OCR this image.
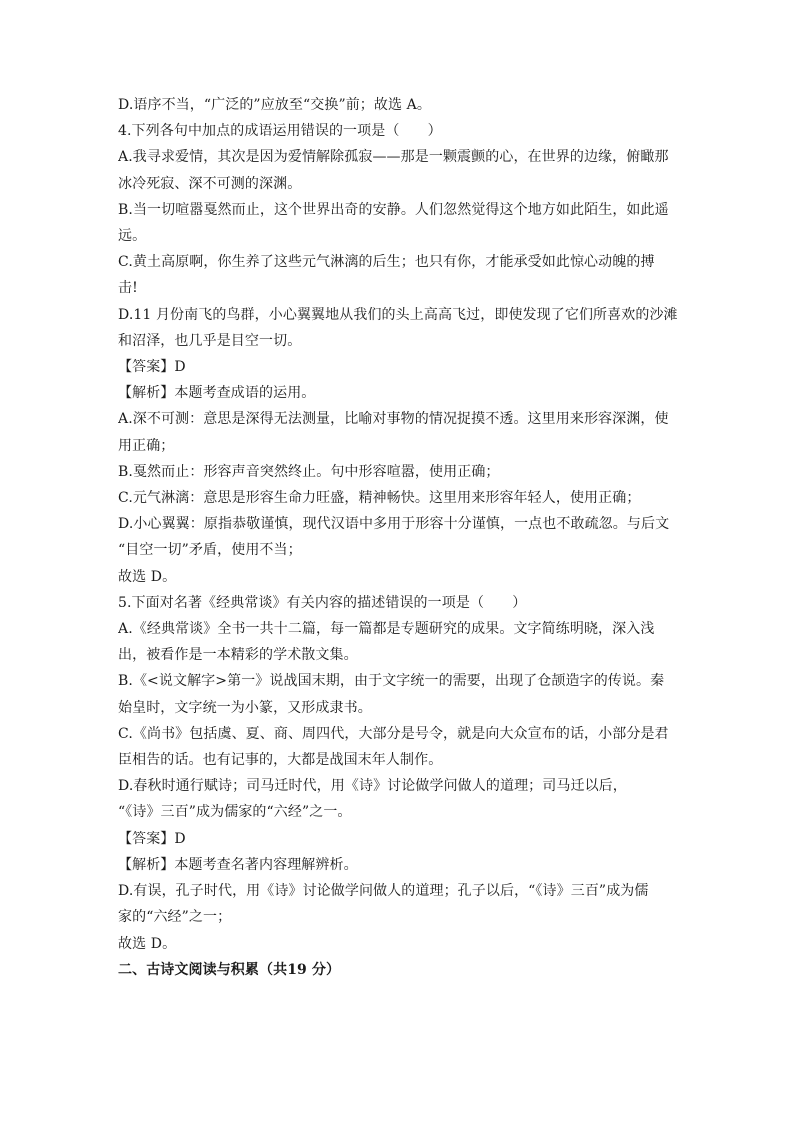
D.语序不当，“广泛的”应放至“交换”前；故选 A。
4.下列各句中加点的成语运用错误的一项是（　　）
A.我寻求爱情，其次是因为爱情解除孤寂——那是一颗震颤的心，在世界的边缘，俯瞰那
冰冷死寂、深不可测的深渊。
B.当一切喧嚣戛然而止，这个世界出奇的安静。人们忽然觉得这个地方如此陌生，如此遥
远。
C.黄土高原啊，你生养了这些元气淋漓的后生；也只有你，才能承受如此惊心动魄的搏
击!
D.11 月份南飞的鸟群，小心翼翼地从我们的头上高高飞过，即使发现了它们所喜欢的沙滩
和沼泽，也几乎是目空一切。
【答案】D
【解析】本题考查成语的运用。
A.深不可测：意思是深得无法测量，比喻对事物的情况捉摸不透。这里用来形容深渊，使
用正确；
B.戛然而止：形容声音突然终止。句中形容喧嚣，使用正确；
C.元气淋漓：意思是形容生命力旺盛，精神畅快。这里用来形容年轻人，使用正确；
D.小心翼翼：原指恭敬谨慎，现代汉语中多用于形容十分谨慎，一点也不敢疏忽。与后文
“目空一切”矛盾，使用不当；
故选 D。
5.下面对名著《经典常谈》有关内容的描述错误的一项是（　　）
A.《经典常谈》全书一共十二篇，每一篇都是专题研究的成果。文字简练明晓，深入浅
出，被看作是一本精彩的学术散文集。
B.《<说文解字>第一》说战国末期，由于文字统一的需要，出现了仓颉造字的传说。秦
始皇时，文字统一为小篆，又形成隶书。
C.《尚书》包括虞、夏、商、周四代，大部分是号令，就是向大众宣布的话，小部分是君
臣相告的话。也有记事的，大都是战国末年人制作。
D.春秋时通行赋诗；司马迁时代，用《诗》讨论做学问做人的道理；司马迁以后，
“《诗》三百”成为儒家的“六经”之一。
【答案】D
【解析】本题考查名著内容理解辨析。
D.有误，孔子时代，用《诗》讨论做学问做人的道理；孔子以后，“《诗》三百”成为儒
家的“六经”之一；
故选 D。
二、古诗文阅读与积累（共19 分）
